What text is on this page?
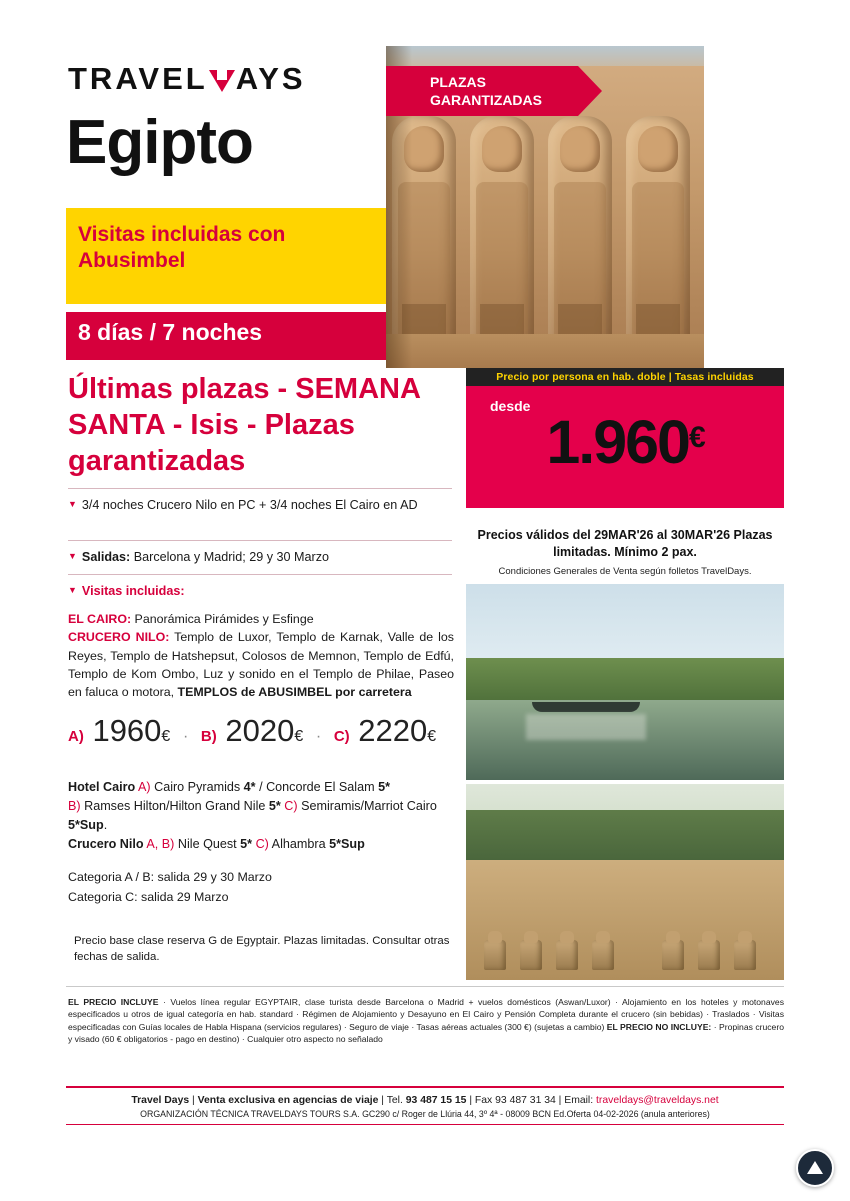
TRAVEL AYS
Egipto
Visitas incluidas con Abusimbel
8 días / 7 noches
PLAZAS GARANTIZADAS
Precio por persona en hab. doble | Tasas incluidas
desde
1.960€
Precios válidos del 29MAR'26 al 30MAR'26 Plazas limitadas. Mínimo 2 pax.
Condiciones Generales de Venta según folletos TravelDays.
Últimas plazas - SEMANA SANTA - Isis - Plazas garantizadas
▼ 3/4 noches Crucero Nilo en PC + 3/4 noches El Cairo en AD
▼ Salidas: Barcelona y Madrid; 29 y 30 Marzo
▼ Visitas incluidas:
EL CAIRO: Panorámica Pirámides y Esfinge
CRUCERO NILO: Templo de Luxor, Templo de Karnak, Valle de los Reyes, Templo de Hatshepsut, Colosos de Memnon, Templo de Edfú, Templo de Kom Ombo, Luz y sonido en el Templo de Philae, Paseo en faluca o motora, TEMPLOS de ABUSIMBEL por carretera
A) 1960€ · B) 2020€ · C) 2220€
Hotel Cairo A) Cairo Pyramids 4* / Concorde El Salam 5*
B) Ramses Hilton/Hilton Grand Nile 5* C) Semiramis/Marriot Cairo 5*Sup.
Crucero Nilo A, B) Nile Quest 5* C) Alhambra 5*Sup
Categoria A / B: salida 29 y 30 Marzo
Categoria C: salida 29 Marzo
Precio base clase reserva G de Egyptair. Plazas limitadas. Consultar otras fechas de salida.
EL PRECIO INCLUYE · Vuelos línea regular EGYPTAIR, clase turista desde Barcelona o Madrid + vuelos domésticos (Aswan/Luxor) · Alojamiento en los hoteles y motonaves especificados u otros de igual categoría en hab. standard · Régimen de Alojamiento y Desayuno en El Cairo y Pensión Completa durante el crucero (sin bebidas) · Traslados · Visitas especificadas con Guías locales de Habla Hispana (servicios regulares) · Seguro de viaje · Tasas aéreas actuales (300 €) (sujetas a cambio) EL PRECIO NO INCLUYE: · Propinas crucero y visado (60 € obligatorios - pago en destino) · Cualquier otro aspecto no señalado
Travel Days | Venta exclusiva en agencias de viaje | Tel. 93 487 15 15 | Fax 93 487 31 34 | Email: traveldays@traveldays.net
ORGANIZACIÓN TÉCNICA TRAVELDAYS TOURS S.A. GC290 c/ Roger de Llúria 44, 3º 4ª - 08009 BCN Ed.Oferta 04-02-2026 (anula anteriores)
